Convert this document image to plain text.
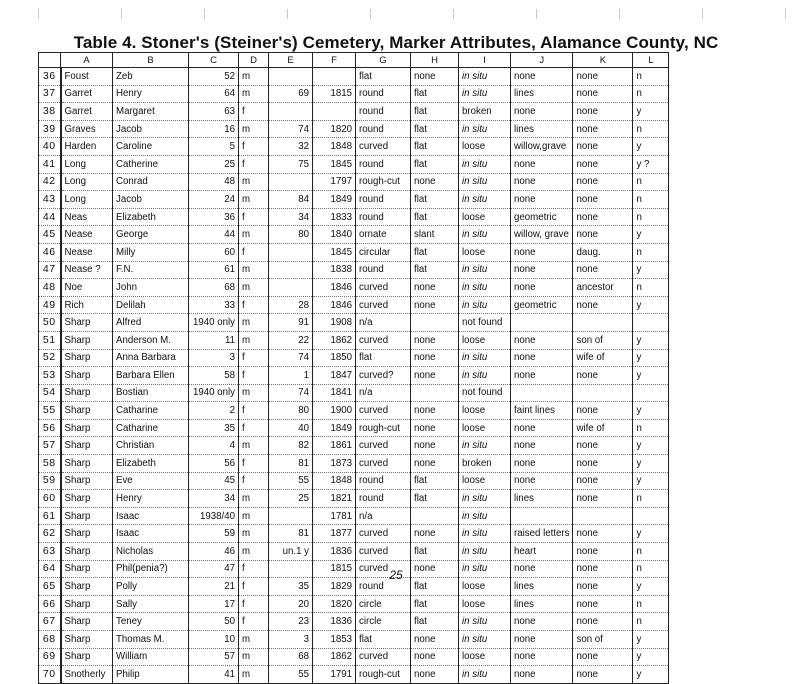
Table 4. Stoner's (Steiner's) Cemetery, Marker Attributes, Alamance County, NC
	A	B	C	D	E	F	G	H	I	J	K	L
36	Foust	Zeb	52	m			flat	none	in situ	none	none	n
37	Garret	Henry	64	m	69	1815	round	flat	in situ	lines	none	n
38	Garret	Margaret	63	f			round	flat	broken	none	none	y
39	Graves	Jacob	16	m	74	1820	round	flat	in situ	lines	none	n
40	Harden	Caroline	5	f	32	1848	curved	flat	loose	willow,grave	none	y
41	Long	Catherine	25	f	75	1845	round	flat	in situ	none	none	y ?
42	Long	Conrad	48	m		1797	rough-cut	none	in situ	none	none	n
43	Long	Jacob	24	m	84	1849	round	flat	in situ	none	none	n
44	Neas	Elizabeth	36	f	34	1833	round	flat	loose	geometric	none	n
45	Nease	George	44	m	80	1840	ornate	slant	in situ	willow, grave	none	y
46	Nease	Milly	60	f		1845	circular	flat	loose	none	daug.	n
47	Nease ?	F.N.	61	m		1838	round	flat	in situ	none	none	y
48	Noe	John	68	m		1846	curved	none	in situ	none	ancestor	n
49	Rich	Delilah	33	f	28	1846	curved	none	in situ	geometric	none	y
50	Sharp	Alfred	1940 only	m	91	1908	n/a		not found			
51	Sharp	Anderson M.	11	m	22	1862	curved	none	loose	none	son of	y
52	Sharp	Anna Barbara	3	f	74	1850	flat	none	in situ	none	wife of	y
53	Sharp	Barbara Ellen	58	f	1	1847	curved?	none	in situ	none	none	y
54	Sharp	Bostian	1940 only	m	74	1841	n/a		not found			
55	Sharp	Catharine	2	f	80	1900	curved	none	loose	faint lines	none	y
56	Sharp	Catharine	35	f	40	1849	rough-cut	none	loose	none	wife of	n
57	Sharp	Christian	4	m	82	1861	curved	none	in situ	none	none	y
58	Sharp	Elizabeth	56	f	81	1873	curved	none	broken	none	none	y
59	Sharp	Eve	45	f	55	1848	round	flat	loose	none	none	y
60	Sharp	Henry	34	m	25	1821	round	flat	in situ	lines	none	n
61	Sharp	Isaac	1938/40	m		1781	n/a		in situ			
62	Sharp	Isaac	59	m	81	1877	curved	none	in situ	raised letters	none	y
63	Sharp	Nicholas	46	m	un.1 y	1836	curved	flat	in situ	heart	none	n
64	Sharp	Phil(penia?)	47	f		1815	curved	none	in situ	none	none	n
65	Sharp	Polly	21	f	35	1829	round	flat	loose	lines	none	y
66	Sharp	Sally	17	f	20	1820	circle	flat	loose	lines	none	n
67	Sharp	Teney	50	f	23	1836	circle	flat	in situ	none	none	n
68	Sharp	Thomas M.	10	m	3	1853	flat	none	in situ	none	son of	y
69	Sharp	William	57	m	68	1862	curved	none	loose	none	none	y
70	Snotherly	Philip	41	m	55	1791	rough-cut	none	in situ	none	none	y
25
